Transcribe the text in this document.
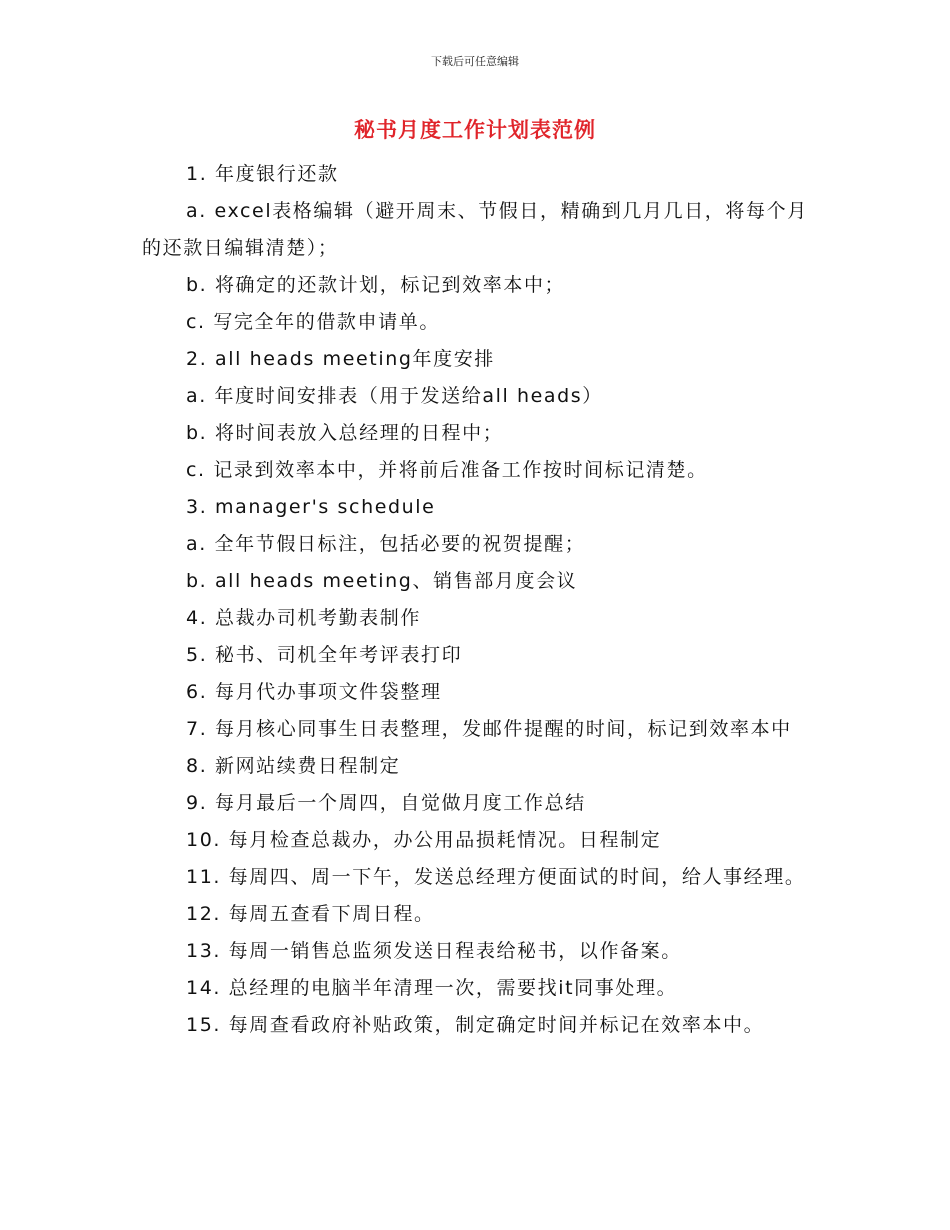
下载后可任意编辑
秘书月度工作计划表范例

1. 年度银行还款

a. excel表格编辑（避开周末、节假日，精确到几月几日，将每个月的还款日编辑清楚）；

b. 将确定的还款计划，标记到效率本中；

c. 写完全年的借款申请单。

2. all heads meeting年度安排

a. 年度时间安排表（用于发送给all heads）

b. 将时间表放入总经理的日程中；

c. 记录到效率本中，并将前后准备工作按时间标记清楚。

3. manager's schedule

a. 全年节假日标注，包括必要的祝贺提醒；

b. all heads meeting、销售部月度会议

4. 总裁办司机考勤表制作

5. 秘书、司机全年考评表打印

6. 每月代办事项文件袋整理

7. 每月核心同事生日表整理，发邮件提醒的时间，标记到效率本中

8. 新网站续费日程制定

9. 每月最后一个周四，自觉做月度工作总结

10. 每月检查总裁办，办公用品损耗情况。日程制定

11. 每周四、周一下午，发送总经理方便面试的时间，给人事经理。

12. 每周五查看下周日程。

13. 每周一销售总监须发送日程表给秘书，以作备案。

14. 总经理的电脑半年清理一次，需要找it同事处理。

15. 每周查看政府补贴政策，制定确定时间并标记在效率本中。
